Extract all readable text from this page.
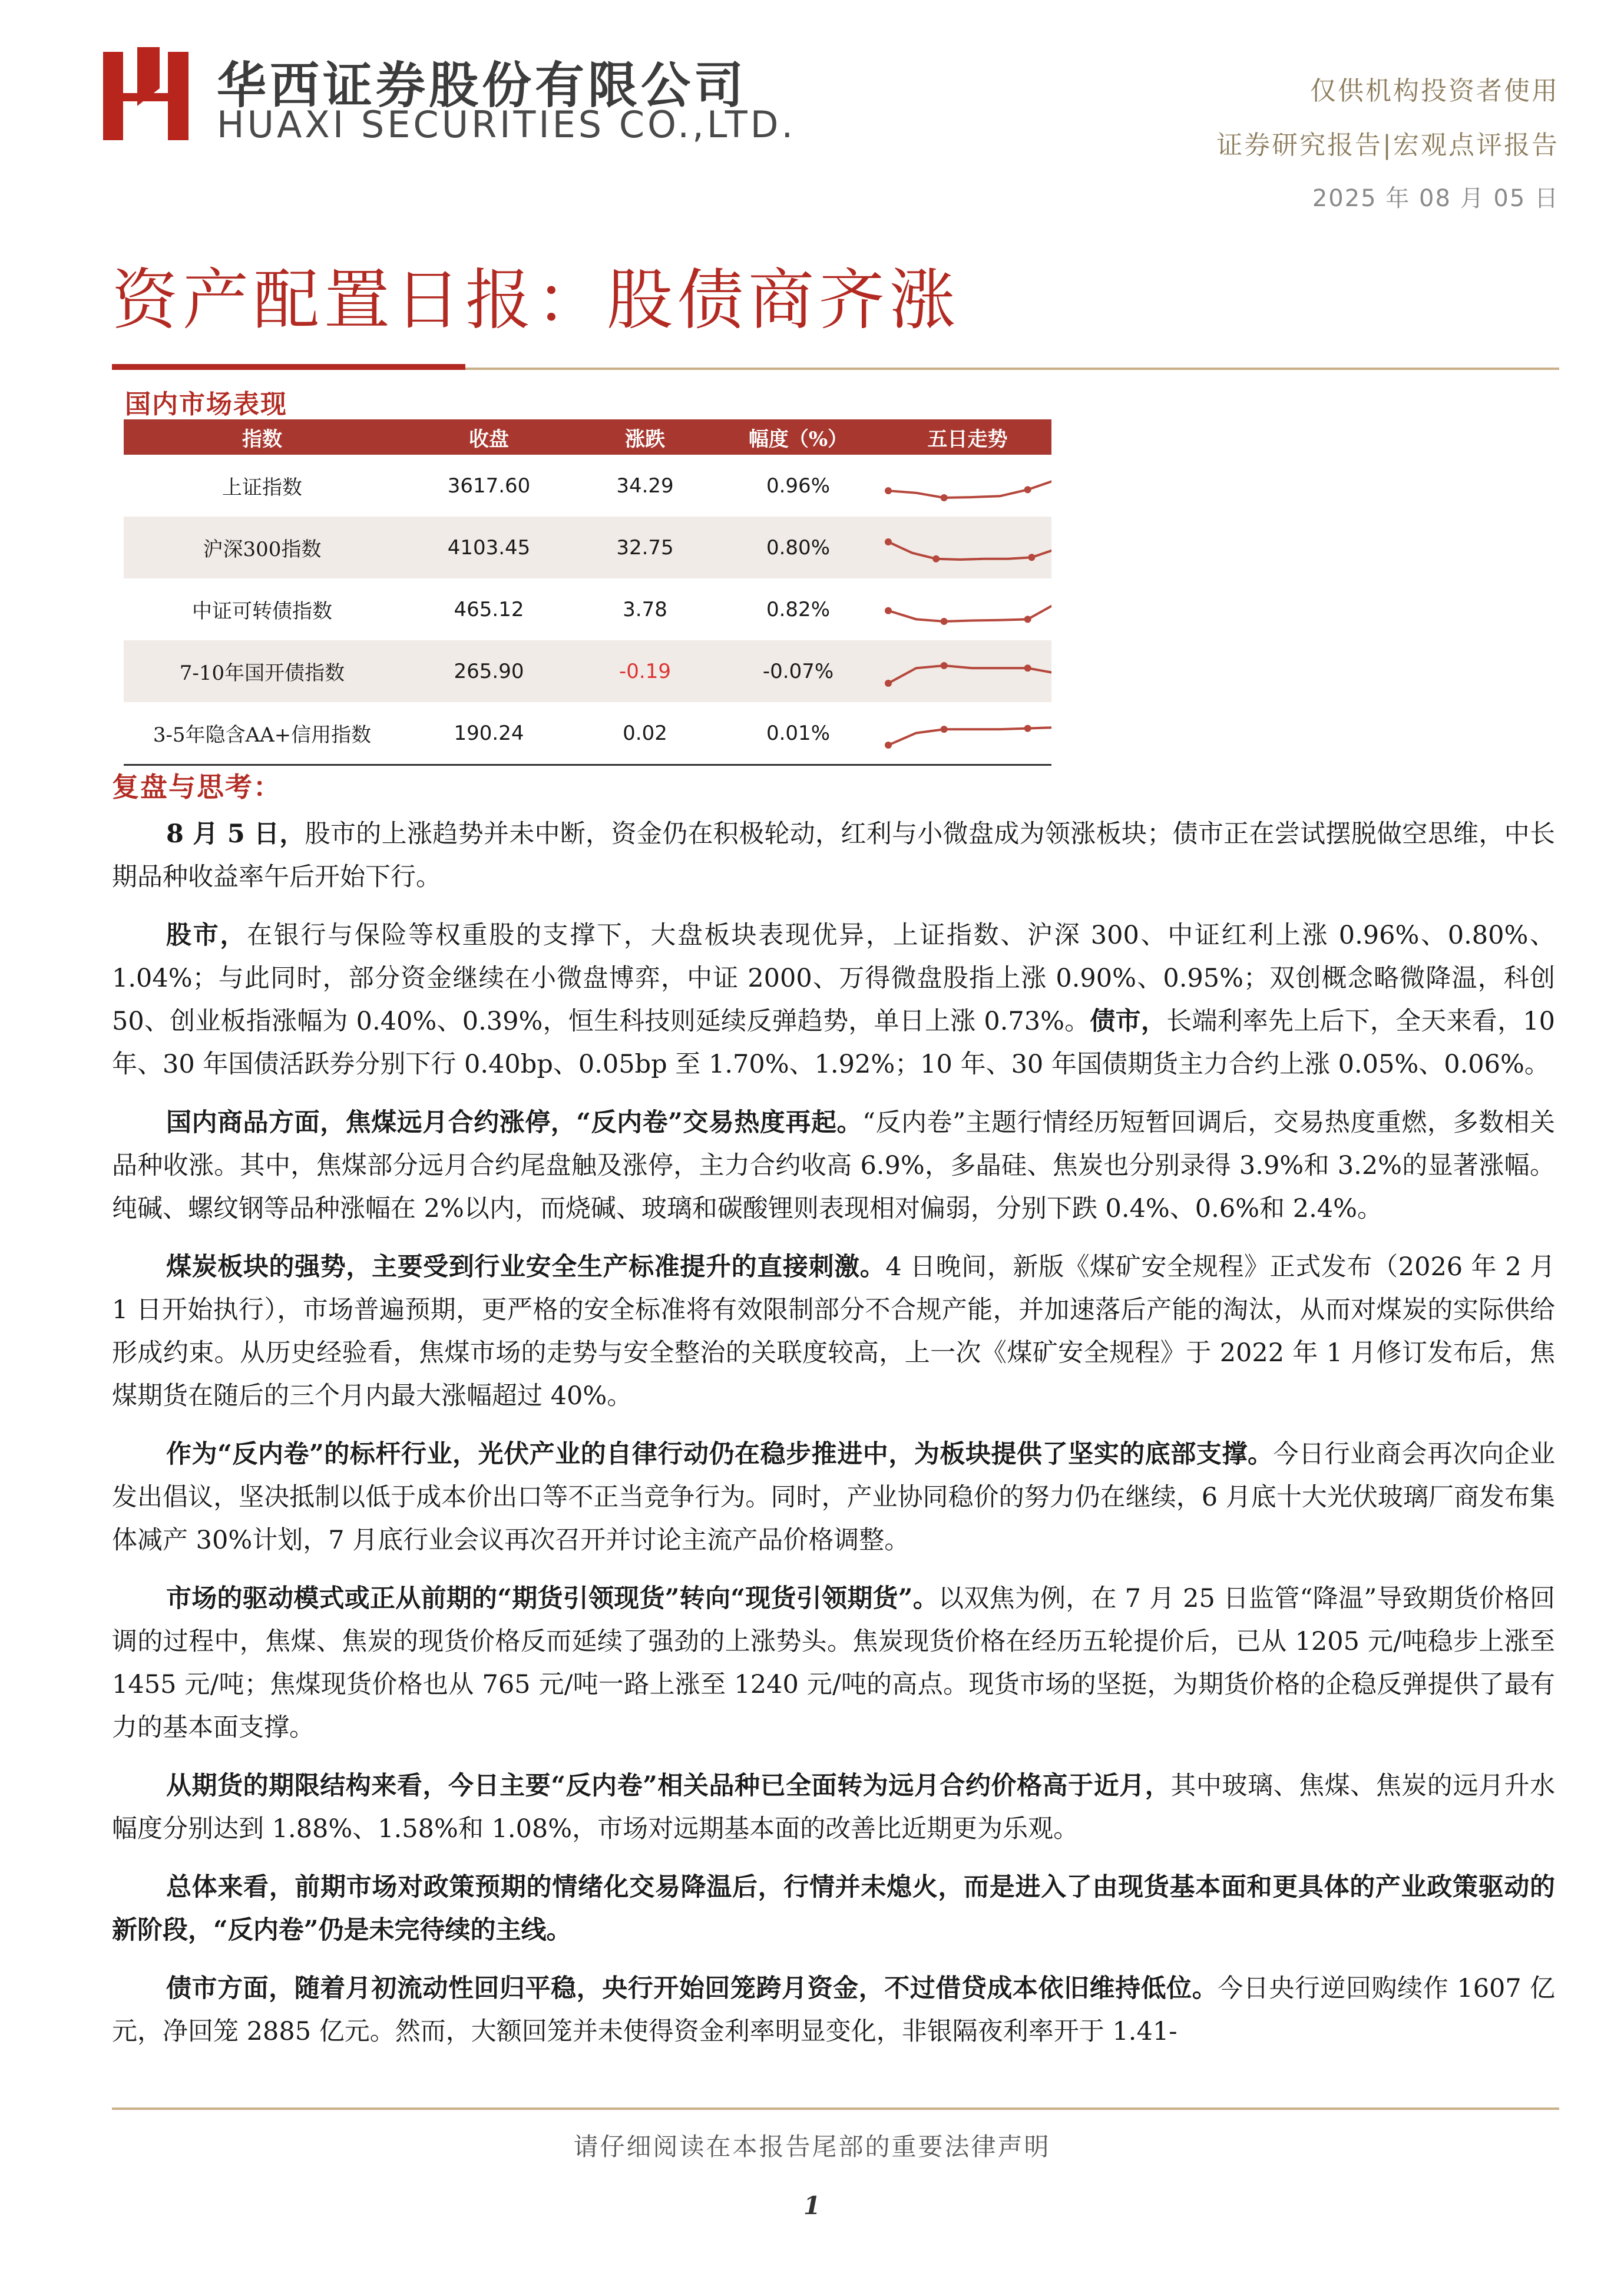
华西证券股份有限公司
HUAXI SECURITIES CO.,LTD.
仅供机构投资者使用
证券研究报告|宏观点评报告
2025 年 08 月 05 日
资产配置日报：股债商齐涨
国内市场表现
指数	收盘	涨跌	幅度（%）	五日走势
上证指数	3617.60	34.29	0.96%
沪深300指数	4103.45	32.75	0.80%
中证可转债指数	465.12	3.78	0.82%
7-10年国开债指数	265.90	-0.19	-0.07%
3-5年隐含AA+信用指数	190.24	0.02	0.01%
复盘与思考：

8 月 5 日，股市的上涨趋势并未中断，资金仍在积极轮动，红利与小微盘成为领涨板块；债市正在尝试摆脱做空思维，中长期品种收益率午后开始下行。

股市，在银行与保险等权重股的支撑下，大盘板块表现优异，上证指数、沪深 300、中证红利上涨 0.96%、0.80%、1.04%；与此同时，部分资金继续在小微盘博弈，中证 2000、万得微盘股指上涨 0.90%、0.95%；双创概念略微降温，科创 50、创业板指涨幅为 0.40%、0.39%，恒生科技则延续反弹趋势，单日上涨 0.73%。债市，长端利率先上后下，全天来看，10 年、30 年国债活跃券分别下行 0.40bp、0.05bp 至 1.70%、1.92%；10 年、30 年国债期货主力合约上涨 0.05%、0.06%。

国内商品方面，焦煤远月合约涨停，“反内卷”交易热度再起。“反内卷”主题行情经历短暂回调后，交易热度重燃，多数相关品种收涨。其中，焦煤部分远月合约尾盘触及涨停，主力合约收高 6.9%，多晶硅、焦炭也分别录得 3.9%和 3.2%的显著涨幅。纯碱、螺纹钢等品种涨幅在 2%以内，而烧碱、玻璃和碳酸锂则表现相对偏弱，分别下跌 0.4%、0.6%和 2.4%。

煤炭板块的强势，主要受到行业安全生产标准提升的直接刺激。4 日晚间，新版《煤矿安全规程》正式发布（2026 年 2 月 1 日开始执行），市场普遍预期，更严格的安全标准将有效限制部分不合规产能，并加速落后产能的淘汰，从而对煤炭的实际供给形成约束。从历史经验看，焦煤市场的走势与安全整治的关联度较高，上一次《煤矿安全规程》于 2022 年 1 月修订发布后，焦煤期货在随后的三个月内最大涨幅超过 40%。

作为“反内卷”的标杆行业，光伏产业的自律行动仍在稳步推进中，为板块提供了坚实的底部支撑。今日行业商会再次向企业发出倡议，坚决抵制以低于成本价出口等不正当竞争行为。同时，产业协同稳价的努力仍在继续，6 月底十大光伏玻璃厂商发布集体减产 30%计划，7 月底行业会议再次召开并讨论主流产品价格调整。

市场的驱动模式或正从前期的“期货引领现货”转向“现货引领期货”。以双焦为例，在 7 月 25 日监管“降温”导致期货价格回调的过程中，焦煤、焦炭的现货价格反而延续了强劲的上涨势头。焦炭现货价格在经历五轮提价后，已从 1205 元/吨稳步上涨至 1455 元/吨；焦煤现货价格也从 765 元/吨一路上涨至 1240 元/吨的高点。现货市场的坚挺，为期货价格的企稳反弹提供了最有力的基本面支撑。

从期货的期限结构来看，今日主要“反内卷”相关品种已全面转为远月合约价格高于近月，其中玻璃、焦煤、焦炭的远月升水幅度分别达到 1.88%、1.58%和 1.08%，市场对远期基本面的改善比近期更为乐观。

总体来看，前期市场对政策预期的情绪化交易降温后，行情并未熄火，而是进入了由现货基本面和更具体的产业政策驱动的新阶段，“反内卷”仍是未完待续的主线。

债市方面，随着月初流动性回归平稳，央行开始回笼跨月资金，不过借贷成本依旧维持低位。今日央行逆回购续作 1607 亿元，净回笼 2885 亿元。然而，大额回笼并未使得资金利率明显变化，非银隔夜利率开于 1.41-

请仔细阅读在本报告尾部的重要法律声明
1
